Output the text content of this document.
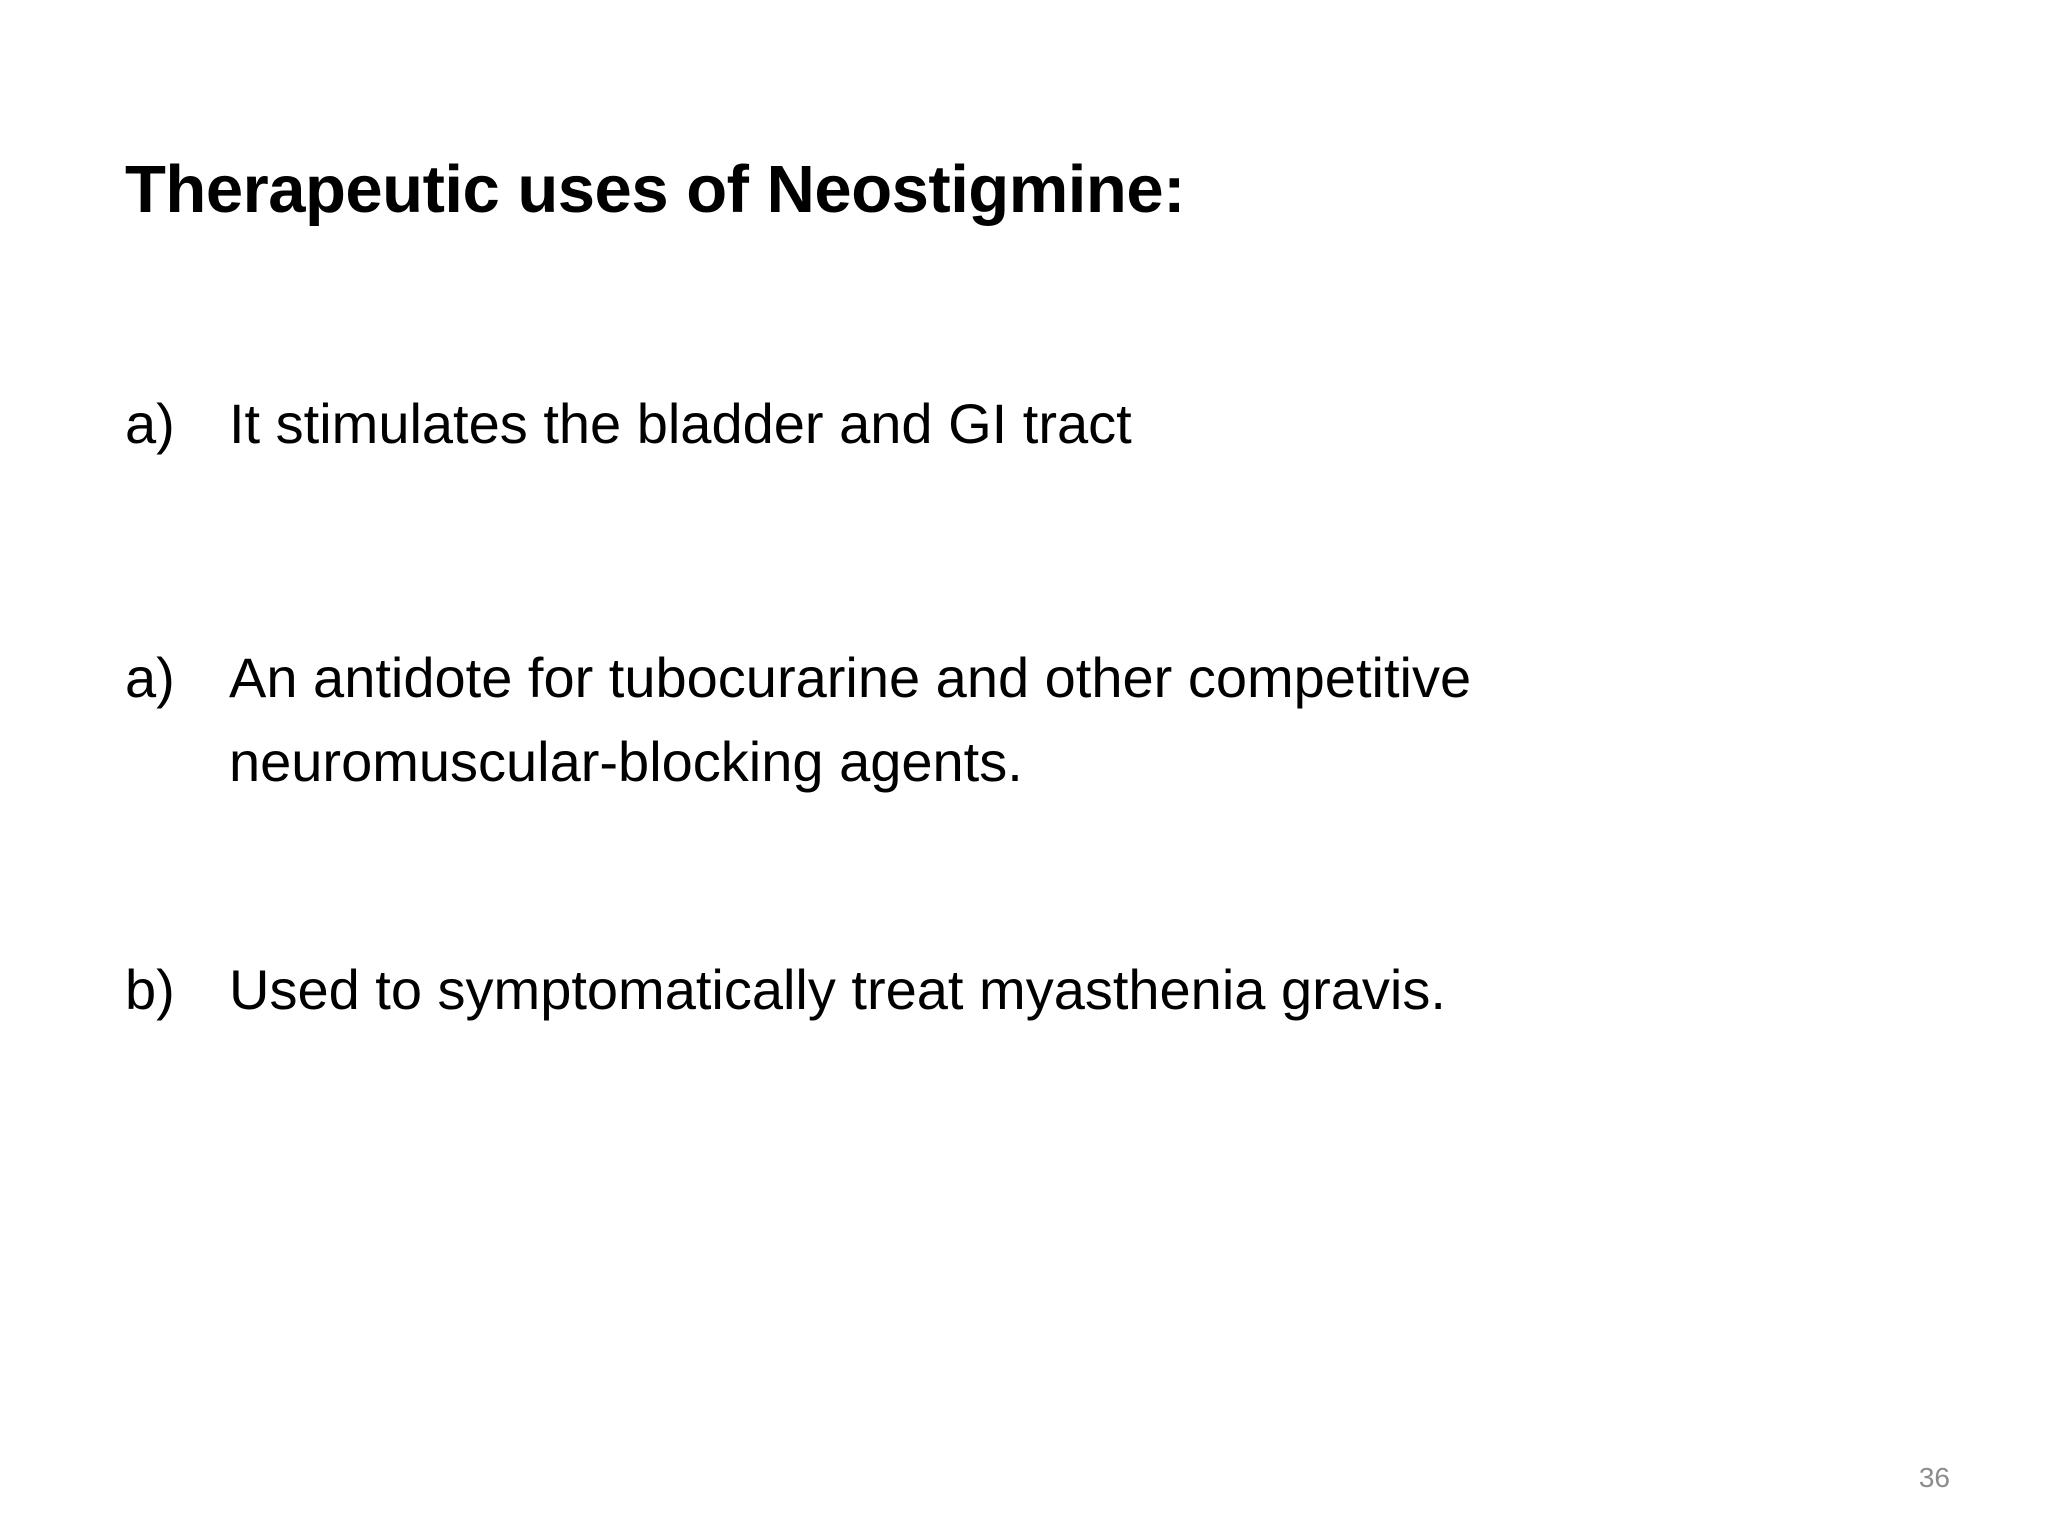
Therapeutic uses of Neostigmine:
a) It stimulates the bladder and GI tract
a) An antidote for tubocurarine and other competitive neuromuscular-blocking agents.
b) Used to symptomatically treat myasthenia gravis.
36
